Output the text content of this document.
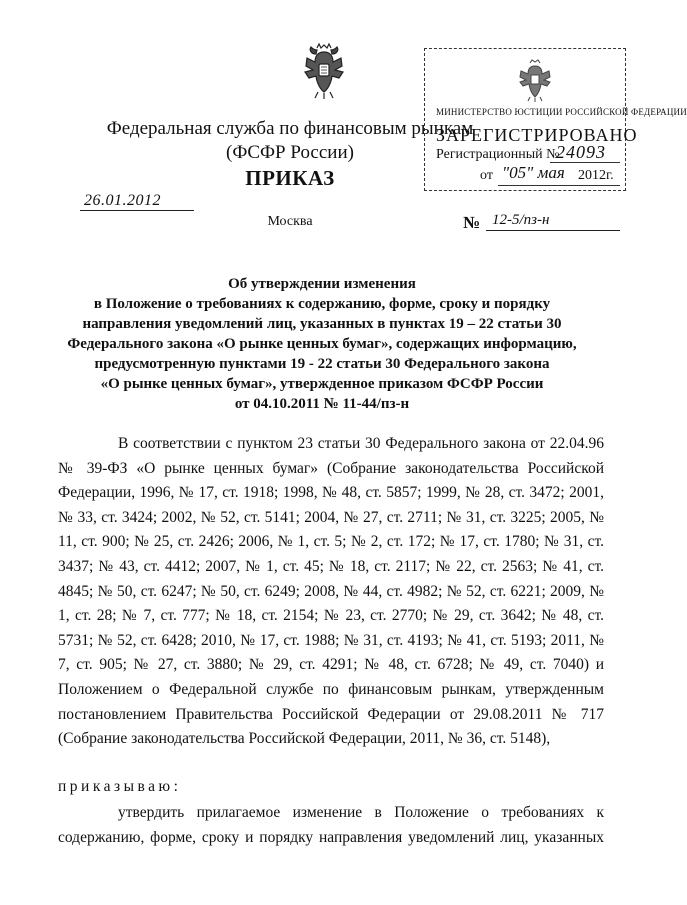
Федеральная служба по финансовым рынкам
(ФСФР России)
ПРИКАЗ
Москва
26.01.2012
№ 12-5/пз-н
МИНИСТЕРСТВО ЮСТИЦИИ РОССИЙСКОЙ ФЕДЕРАЦИИ
ЗАРЕГИСТРИРОВАНО
Регистрационный №
24093
от "05" мая 2012г.
Об утверждении изменения
в Положение о требованиях к содержанию, форме, сроку и порядку
направления уведомлений лиц, указанных в пунктах 19 – 22 статьи 30
Федерального закона «О рынке ценных бумаг», содержащих информацию,
предусмотренную пунктами 19 - 22 статьи 30 Федерального закона
«О рынке ценных бумаг», утвержденное приказом ФСФР России
от 04.10.2011 № 11-44/пз-н
В соответствии с пунктом 23 статьи 30 Федерального закона от 22.04.96 № 39-ФЗ «О рынке ценных бумаг» (Собрание законодательства Российской Федерации, 1996, № 17, ст. 1918; 1998, № 48, ст. 5857; 1999, № 28, ст. 3472; 2001, № 33, ст. 3424; 2002, № 52, ст. 5141; 2004, № 27, ст. 2711; № 31, ст. 3225; 2005, № 11, ст. 900; № 25, ст. 2426; 2006, № 1, ст. 5; № 2, ст. 172; № 17, ст. 1780; № 31, ст. 3437; № 43, ст. 4412; 2007, № 1, ст. 45; № 18, ст. 2117; № 22, ст. 2563; № 41, ст. 4845; № 50, ст. 6247; № 50, ст. 6249; 2008, № 44, ст. 4982; № 52, ст. 6221; 2009, № 1, ст. 28; № 7, ст. 777; № 18, ст. 2154; № 23, ст. 2770; № 29, ст. 3642; № 48, ст. 5731; № 52, ст. 6428; 2010, № 17, ст. 1988; № 31, ст. 4193; № 41, ст. 5193; 2011, № 7, ст. 905; № 27, ст. 3880; № 29, ст. 4291; № 48, ст. 6728; № 49, ст. 7040) и Положением о Федеральной службе по финансовым рынкам, утвержденным постановлением Правительства Российской Федерации от 29.08.2011 № 717 (Собрание законодательства Российской Федерации, 2011, № 36, ст. 5148),
приказываю:
утвердить прилагаемое изменение в Положение о требованиях к содержанию, форме, сроку и порядку направления уведомлений лиц, указанных
